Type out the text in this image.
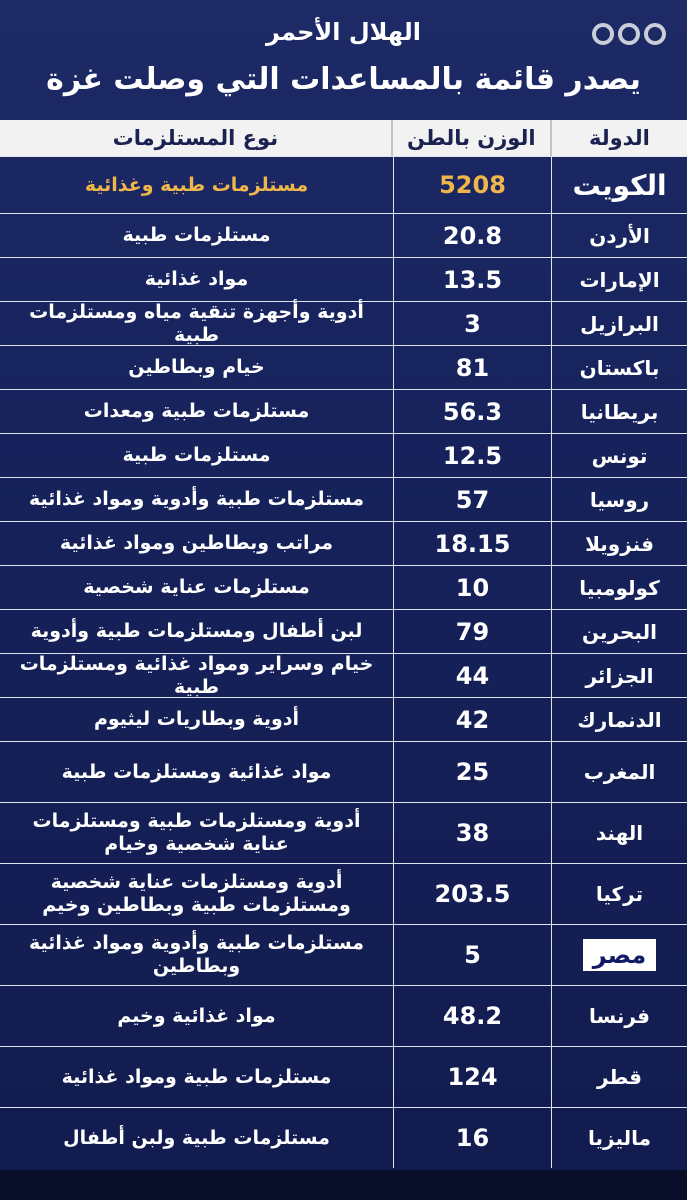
الهلال الأحمر
يصدر قائمة بالمساعدات التي وصلت غزة
الدولة
الوزن بالطن
نوع المستلزمات
الكويت
5208
مستلزمات طبية وغذائية
الأردن
20.8
مستلزمات طبية
الإمارات
13.5
مواد غذائية
البرازيل
3
أدوية وأجهزة تنقية مياه ومستلزمات طبية
باكستان
81
خيام وبطاطين
بريطانيا
56.3
مستلزمات طبية ومعدات
تونس
12.5
مستلزمات طبية
روسيا
57
مستلزمات طبية وأدوية ومواد غذائية
فنزويلا
18.15
مراتب وبطاطين ومواد غذائية
كولومبيا
10
مستلزمات عناية شخصية
البحرين
79
لبن أطفال ومستلزمات طبية وأدوية
الجزائر
44
خيام وسراير ومواد غذائية ومستلزمات طبية
الدنمارك
42
أدوية وبطاريات ليثيوم
المغرب
25
مواد غذائية ومستلزمات طبية
الهند
38
أدوية ومستلزمات طبية ومستلزمات عناية شخصية وخيام
تركيا
203.5
أدوية ومستلزمات عناية شخصية ومستلزمات طبية وبطاطين وخيم
مصر
5
مستلزمات طبية وأدوية ومواد غذائية وبطاطين
فرنسا
48.2
مواد غذائية وخيم
قطر
124
مستلزمات طبية ومواد غذائية
ماليزيا
16
مستلزمات طبية ولبن أطفال
